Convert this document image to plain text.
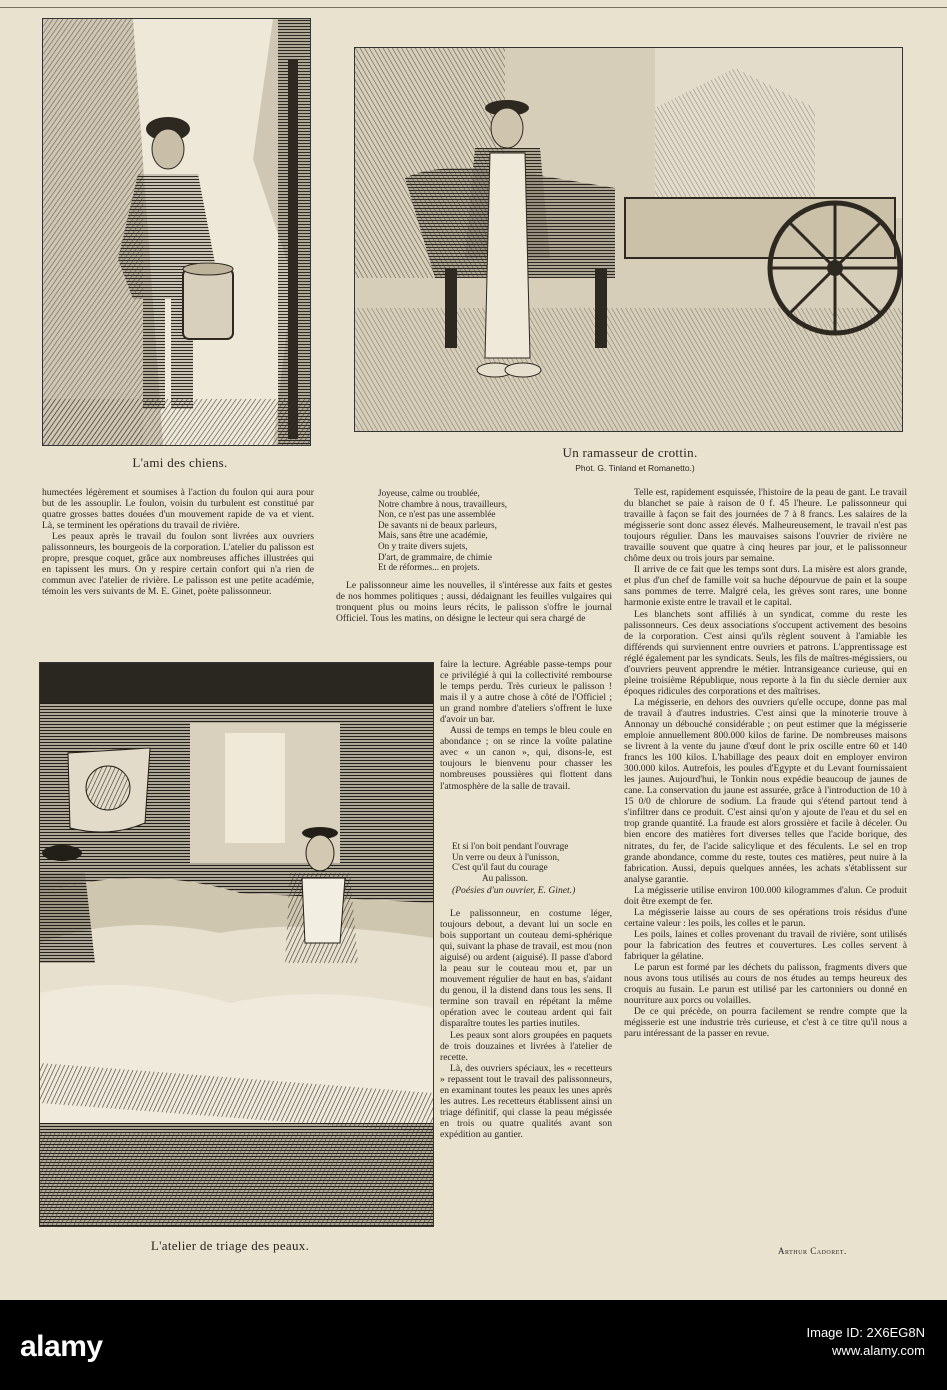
L'ami des chiens.
Un ramasseur de crottin.
Phot. G. Tinland et Romanetto.)

humectées légèrement et soumises à l'action du foulon qui aura pour but de les assouplir. Le foulon, voisin du turbulent est constitué par quatre grosses battes douées d'un mouvement rapide de va et vient. Là, se terminent les opérations du travail de rivière.

Les peaux après le travail du foulon sont livrées aux ouvriers palissonneurs, les bourgeois de la corporation. L'atelier du palisson est propre, presque coquet, grâce aux nombreuses affiches illustrées qui en tapissent les murs. On y respire certain confort qui n'a rien de commun avec l'atelier de rivière. Le palisson est une petite académie, témoin les vers suivants de M. E. Ginet, poète palissonneur.

Joyeuse, calme ou troublée,
Notre chambre à nous, travailleurs,
Non, ce n'est pas une assemblée
De savants ni de beaux parleurs,
Mais, sans être une académie,
On y traite divers sujets,
D'art, de grammaire, de chimie
Et de réformes... en projets.

Le palissonneur aime les nouvelles, il s'intéresse aux faits et gestes de nos hommes politiques ; aussi, dédaignant les feuilles vulgaires qui tronquent plus ou moins leurs récits, le palisson s'offre le journal Officiel. Tous les matins, on désigne le lecteur qui sera chargé de

faire la lecture. Agréable passe-temps pour ce privilégié à qui la collectivité rembourse le temps perdu. Très curieux le palisson ! mais il y a autre chose à côté de l'Officiel ; un grand nombre d'ateliers s'offrent le luxe d'avoir un bar.

Aussi de temps en temps le bleu coule en abondance ; on se rince la voûte palatine avec « un canon », qui, disons-le, est toujours le bienvenu pour chasser les nombreuses poussières qui flottent dans l'atmosphère de la salle de travail.

Et si l'on boit pendant l'ouvrage
Un verre ou deux à l'unisson,
C'est qu'il faut du courage
Au palisson.
(Poésies d'un ouvrier, E. Ginet.)

Le palissonneur, en costume léger, toujours debout, a devant lui un socle en bois supportant un couteau demi-sphérique qui, suivant la phase de travail, est mou (non aiguisé) ou ardent (aiguisé). Il passe d'abord la peau sur le couteau mou et, par un mouvement régulier de haut en bas, s'aidant du genou, il la distend dans tous les sens. Il termine son travail en répétant la même opération avec le couteau ardent qui fait disparaître toutes les parties inutiles.

Les peaux sont alors groupées en paquets de trois douzaines et livrées à l'atelier de recette.

Là, des ouvriers spéciaux, les « recetteurs » repassent tout le travail des palissonneurs, en examinant toutes les peaux les unes après les autres. Les recetteurs établissent ainsi un triage définitif, qui classe la peau mégissée en trois ou quatre qualités avant son expédition au gantier.

L'atelier de triage des peaux.

Telle est, rapidement esquissée, l'histoire de la peau de gant. Le travail du blanchet se paie à raison de 0 f. 45 l'heure. Le palissonneur qui travaille à façon se fait des journées de 7 à 8 francs. Les salaires de la mégisserie sont donc assez élevés. Malheureusement, le travail n'est pas toujours régulier. Dans les mauvaises saisons l'ouvrier de rivière ne travaille souvent que quatre à cinq heures par jour, et le palissonneur chôme deux ou trois jours par semaine.

Il arrive de ce fait que les temps sont durs. La misère est alors grande, et plus d'un chef de famille voit sa huche dépourvue de pain et la soupe sans pommes de terre. Malgré cela, les grèves sont rares, une bonne harmonie existe entre le travail et le capital.

Les blanchets sont affiliés à un syndicat, comme du reste les palissonneurs. Ces deux associations s'occupent activement des besoins de la corporation. C'est ainsi qu'ils règlent souvent à l'amiable les différends qui surviennent entre ouvriers et patrons. L'apprentissage est réglé également par les syndicats. Seuls, les fils de maîtres-mégissiers, ou d'ouvriers peuvent apprendre le métier. Intransigeance curieuse, qui en pleine troisième République, nous reporte à la fin du siècle dernier aux époques ridicules des corporations et des maîtrises.

La mégisserie, en dehors des ouvriers qu'elle occupe, donne pas mal de travail à d'autres industries. C'est ainsi que la minoterie trouve à Annonay un débouché considérable ; on peut estimer que la mégisserie emploie annuellement 800.000 kilos de farine. De nombreuses maisons se livrent à la vente du jaune d'œuf dont le prix oscille entre 60 et 140 francs les 100 kilos. L'habillage des peaux doit en employer environ 300.000 kilos. Autrefois, les poules d'Egypte et du Levant fournissaient les jaunes. Aujourd'hui, le Tonkin nous expédie beaucoup de jaunes de cane. La conservation du jaune est assurée, grâce à l'introduction de 10 à 15 0/0 de chlorure de sodium. La fraude qui s'étend partout tend à s'infiltrer dans ce produit. C'est ainsi qu'on y ajoute de l'eau et du sel en trop grande quantité. La fraude est alors grossière et facile à déceler. Ou bien encore des matières fort diverses telles que l'acide borique, des nitrates, du fer, de l'acide salicylique et des féculents. Le sel en trop grande abondance, comme du reste, toutes ces matières, peut nuire à la fabrication. Aussi, depuis quelques années, les achats s'établissent sur analyse garantie.

La mégisserie utilise environ 100.000 kilogrammes d'alun. Ce produit doit être exempt de fer.

La mégisserie laisse au cours de ses opérations trois résidus d'une certaine valeur : les poils, les colles et le parun.

Les poils, laines et colles provenant du travail de rivière, sont utilisés pour la fabrication des feutres et couvertures. Les colles servent à fabriquer la gélatine.

Le parun est formé par les déchets du palisson, fragments divers que nous avons tous utilisés au cours de nos études au temps heureux des croquis au fusain. Le parun est utilisé par les cartonniers ou donné en nourriture aux porcs ou volailles.

De ce qui précède, on pourra facilement se rendre compte que la mégisserie est une industrie très curieuse, et c'est à ce titre qu'il nous a paru intéressant de la passer en revue.

Arthur Cadoret.
alamy	Image ID: 2X6EG8N
www.alamy.com
